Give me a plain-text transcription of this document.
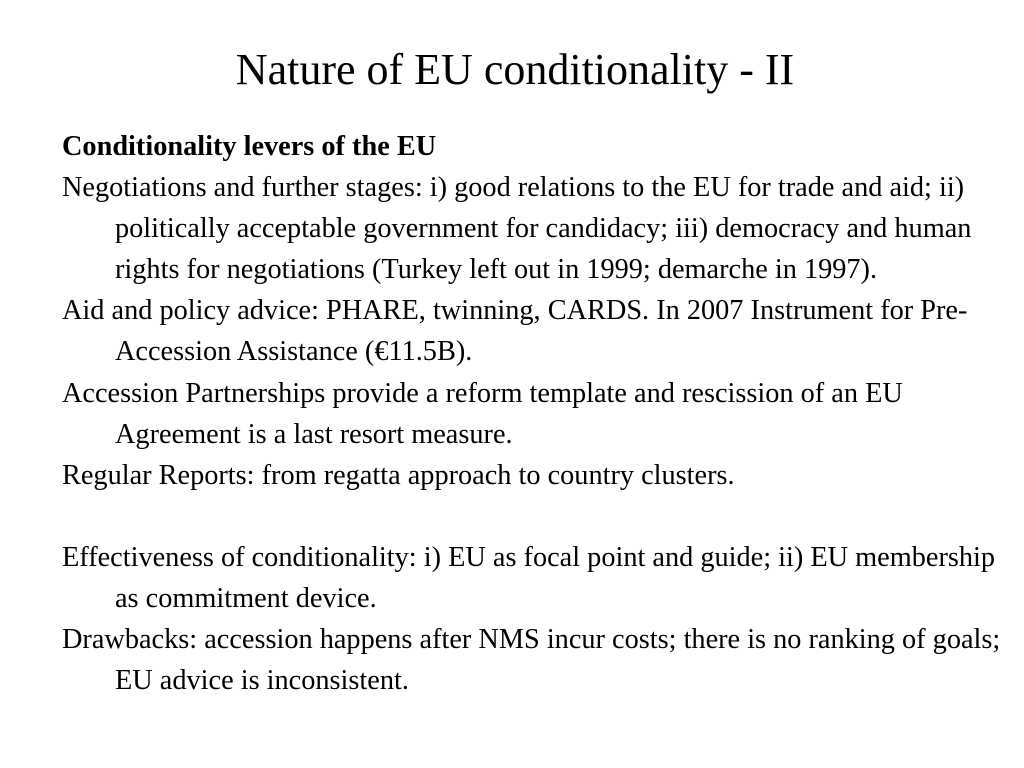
Nature of EU conditionality - II

Conditionality levers of the EU

Negotiations and further stages: i) good relations to the EU for trade and aid; ii) politically acceptable government for candidacy; iii) democracy and human rights for negotiations (Turkey left out in 1999; demarche in 1997).

Aid and policy advice: PHARE, twinning, CARDS. In 2007 Instrument for Pre-Accession Assistance (€11.5B).

Accession Partnerships provide a reform template and rescission of an EU Agreement is a last resort measure.

Regular Reports: from regatta approach to country clusters.

Effectiveness of conditionality: i) EU as focal point and guide; ii) EU membership as commitment device.

Drawbacks: accession happens after NMS incur costs; there is no ranking of goals; EU advice is inconsistent.
